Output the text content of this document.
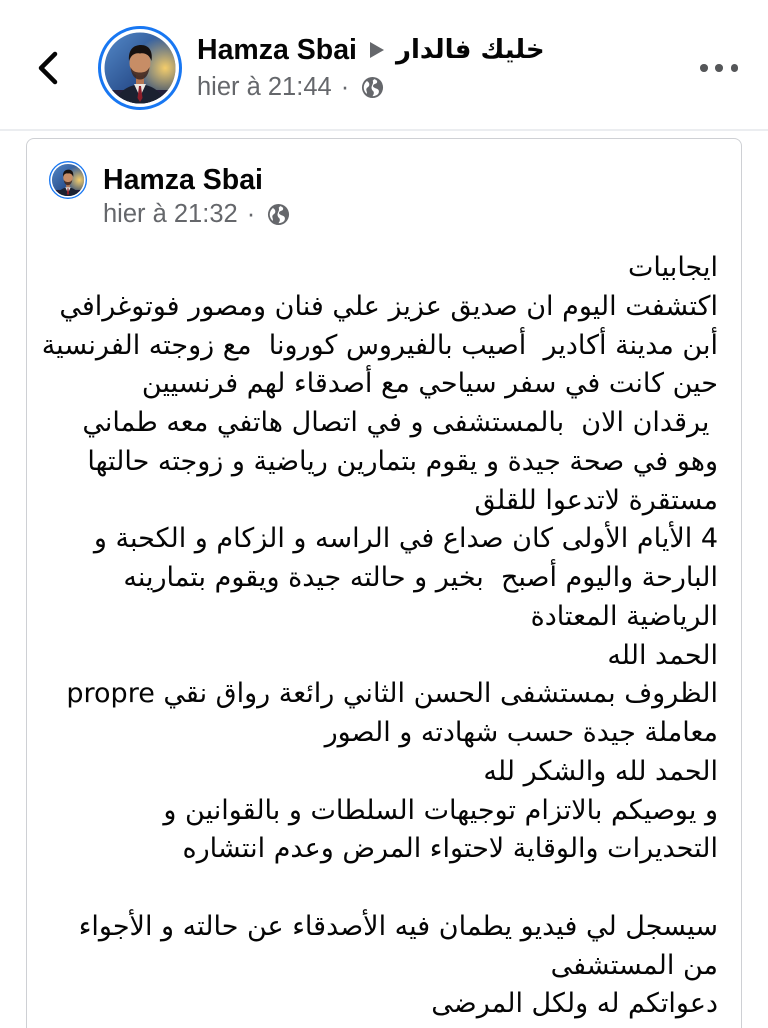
Hamza Sbai خليك فالدار
hier à 21:44 ·
Hamza Sbai
hier à 21:32 ·
ايجابيات
اكتشفت اليوم ان صديق عزيز علي فنان ومصور فوتوغرافي
أبن مدينة أكادير  أصيب بالفيروس كورونا  مع زوجته الفرنسية
حين كانت في سفر سياحي مع أصدقاء لهم فرنسيين
يرقدان الان  بالمستشفى و في اتصال هاتفي معه طماني
وهو في صحة جيدة و يقوم بتمارين رياضية و زوجته حالتها
مستقرة لاتدعوا للقلق
4 الأيام الأولى كان صداع في الراسه و الزكام و الكحبة و
البارحة واليوم أصبح  بخير و حالته جيدة ويقوم بتمارينه
الرياضية المعتادة
الحمد الله
الظروف بمستشفى الحسن الثاني رائعة رواق نقي propre
معاملة جيدة حسب شهادته و الصور
الحمد لله والشكر لله
و يوصيكم بالاتزام توجيهات السلطات و بالقوانين و
التحديرات والوقاية لاحتواء المرض وعدم انتشاره
سيسجل لي فيديو يطمان فيه الأصدقاء عن حالته و الأجواء
من المستشفى
دعواتكم له ولكل المرضى
